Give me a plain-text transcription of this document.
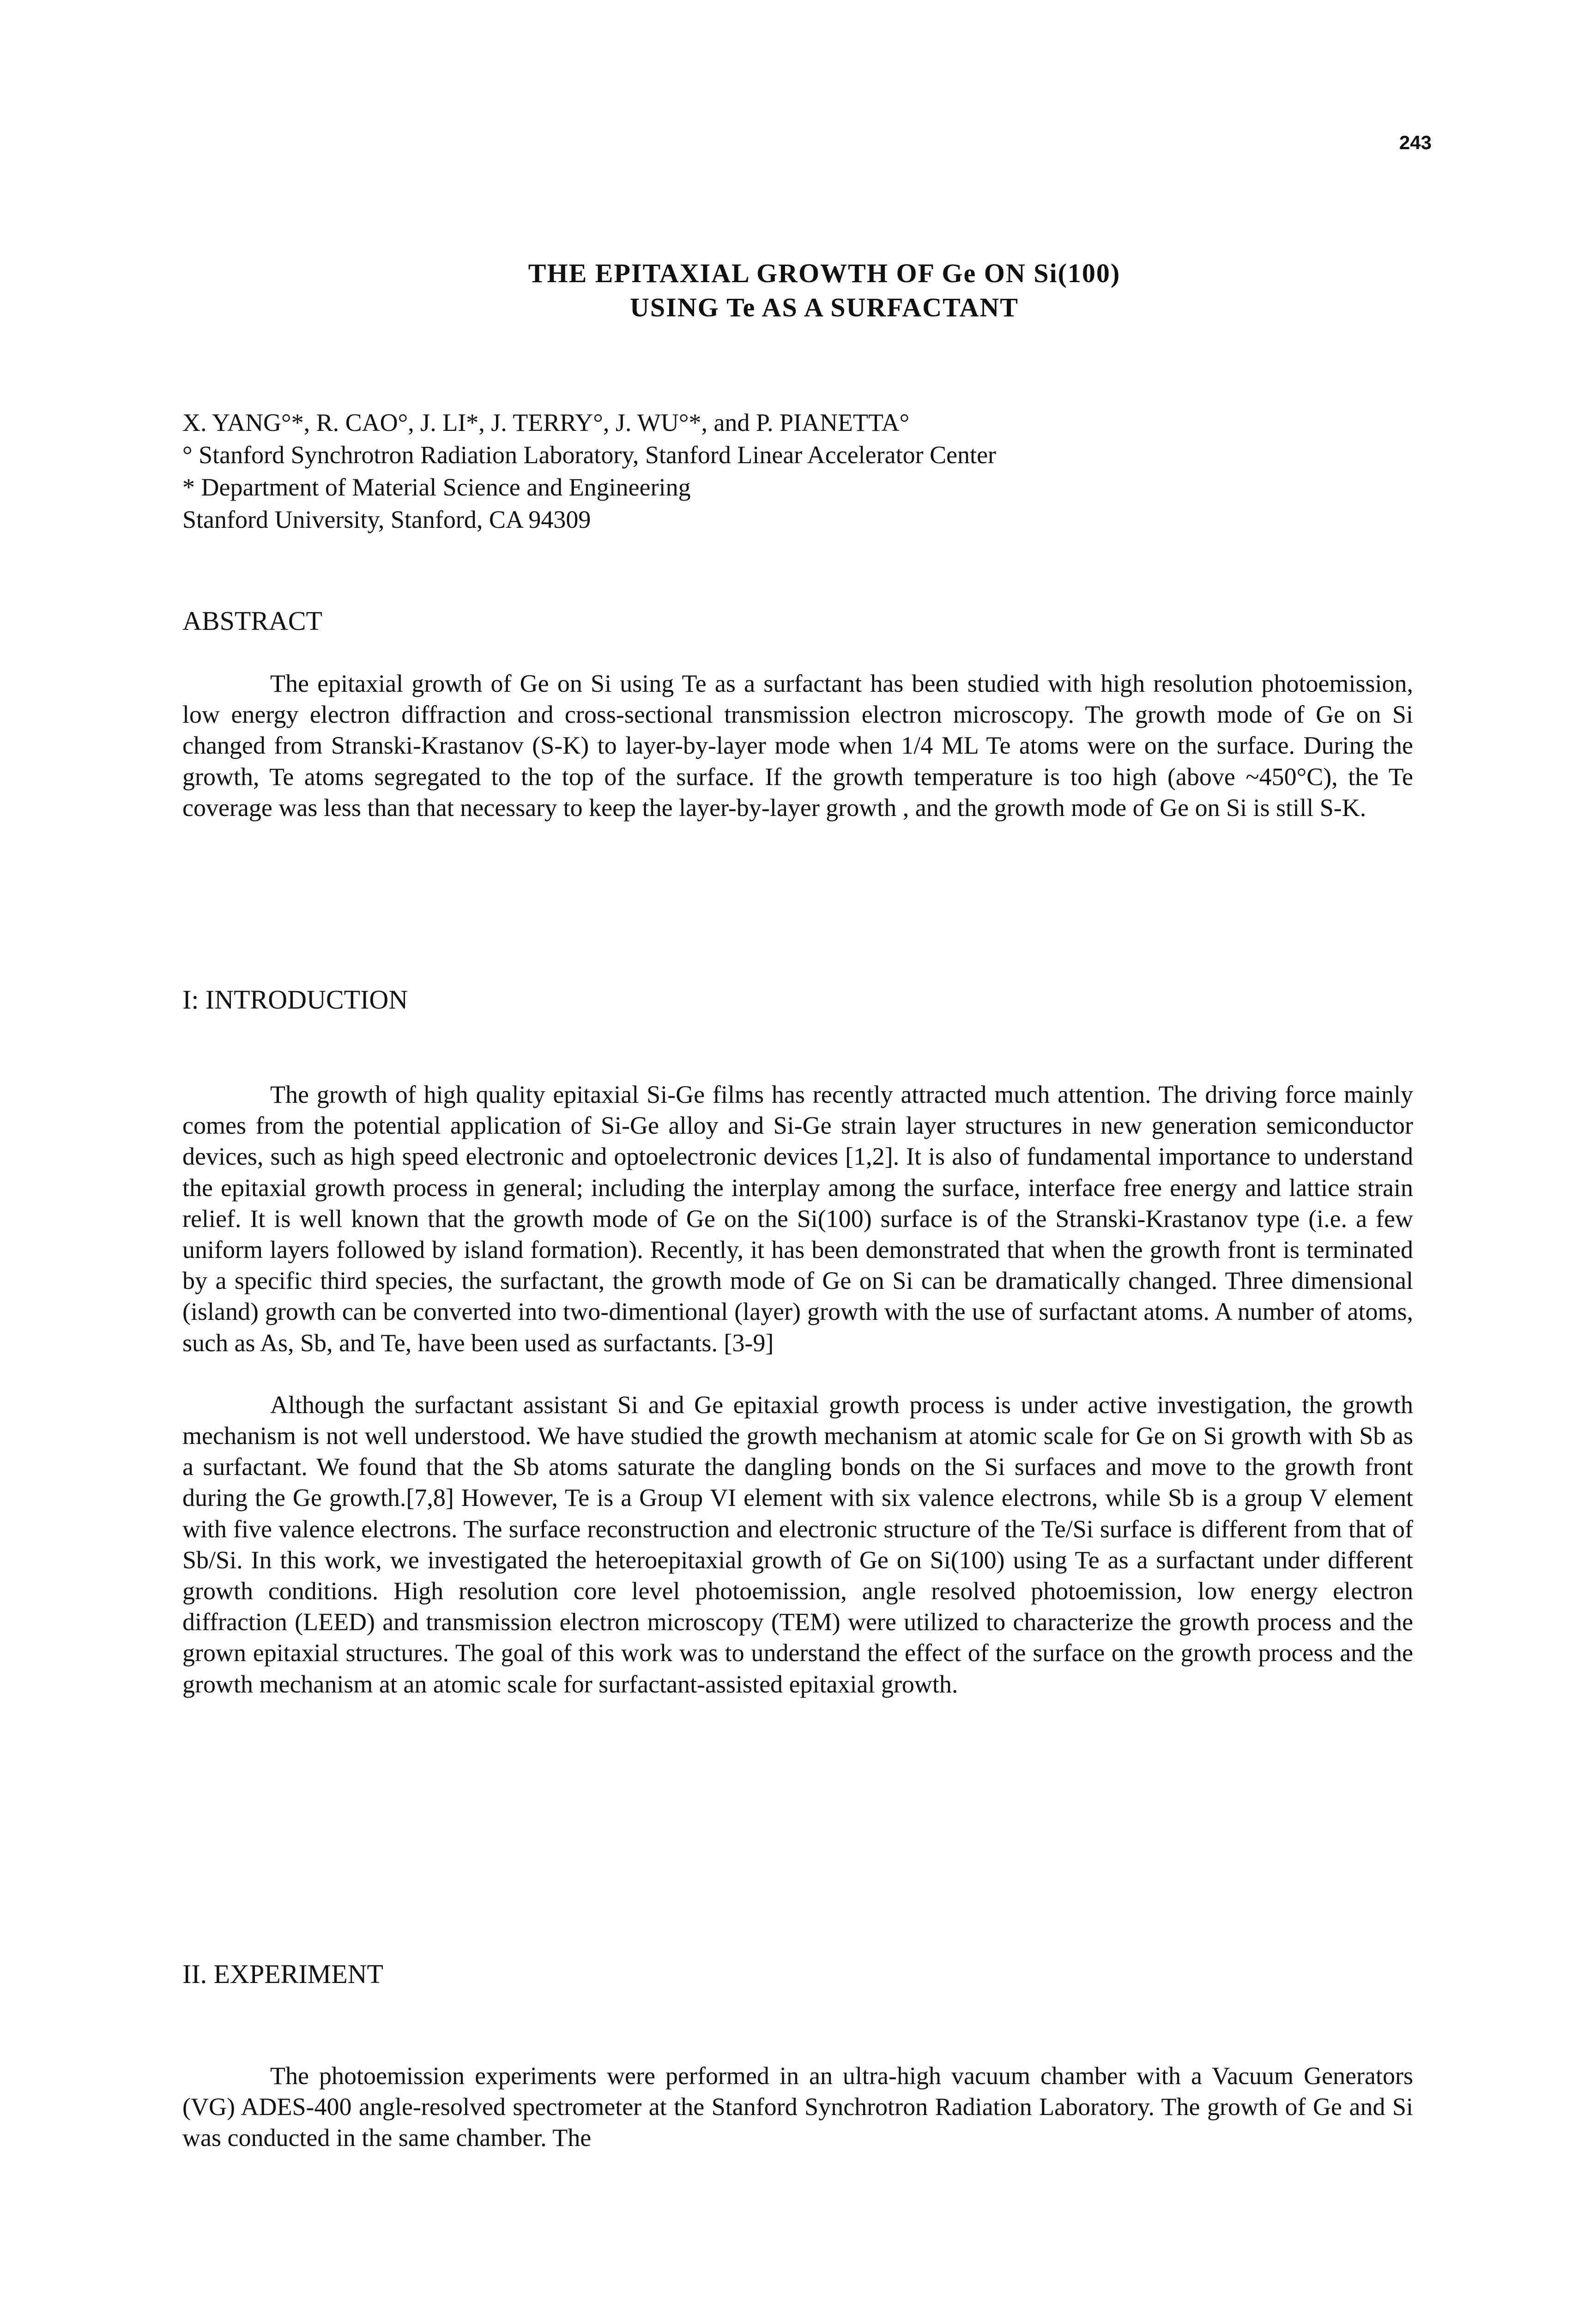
243
THE EPITAXIAL GROWTH OF Ge ON Si(100)
USING Te AS A SURFACTANT
X. YANG°*, R. CAO°, J. LI*, J. TERRY°, J. WU°*, and P. PIANETTA°
° Stanford Synchrotron Radiation Laboratory, Stanford Linear Accelerator Center
* Department of Material Science and Engineering
Stanford University, Stanford, CA 94309
ABSTRACT

The epitaxial growth of Ge on Si using Te as a surfactant has been studied with high resolution photoemission, low energy electron diffraction and cross-sectional transmission electron microscopy. The growth mode of Ge on Si changed from Stranski-Krastanov (S-K) to layer-by-layer mode when 1/4 ML Te atoms were on the surface. During the growth, Te atoms segregated to the top of the surface. If the growth temperature is too high (above ~450°C), the Te coverage was less than that necessary to keep the layer-by-layer growth , and the growth mode of Ge on Si is still S-K.

I: INTRODUCTION

The growth of high quality epitaxial Si-Ge films has recently attracted much attention. The driving force mainly comes from the potential application of Si-Ge alloy and Si-Ge strain layer structures in new generation semiconductor devices, such as high speed electronic and optoelectronic devices [1,2]. It is also of fundamental importance to understand the epitaxial growth process in general; including the interplay among the surface, interface free energy and lattice strain relief. It is well known that the growth mode of Ge on the Si(100) surface is of the Stranski-Krastanov type (i.e. a few uniform layers followed by island formation). Recently, it has been demonstrated that when the growth front is terminated by a specific third species, the surfactant, the growth mode of Ge on Si can be dramatically changed. Three dimensional (island) growth can be converted into two-dimentional (layer) growth with the use of surfactant atoms. A number of atoms, such as As, Sb, and Te, have been used as surfactants. [3-9]

Although the surfactant assistant Si and Ge epitaxial growth process is under active investigation, the growth mechanism is not well understood. We have studied the growth mechanism at atomic scale for Ge on Si growth with Sb as a surfactant. We found that the Sb atoms saturate the dangling bonds on the Si surfaces and move to the growth front during the Ge growth.[7,8] However, Te is a Group VI element with six valence electrons, while Sb is a group V element with five valence electrons. The surface reconstruction and electronic structure of the Te/Si surface is different from that of Sb/Si. In this work, we investigated the heteroepitaxial growth of Ge on Si(100) using Te as a surfactant under different growth conditions. High resolution core level photoemission, angle resolved photoemission, low energy electron diffraction (LEED) and transmission electron microscopy (TEM) were utilized to characterize the growth process and the grown epitaxial structures. The goal of this work was to understand the effect of the surface on the growth process and the growth mechanism at an atomic scale for surfactant-assisted epitaxial growth.

II. EXPERIMENT

The photoemission experiments were performed in an ultra-high vacuum chamber with a Vacuum Generators (VG) ADES-400 angle-resolved spectrometer at the Stanford Synchrotron Radiation Laboratory. The growth of Ge and Si was conducted in the same chamber. The
